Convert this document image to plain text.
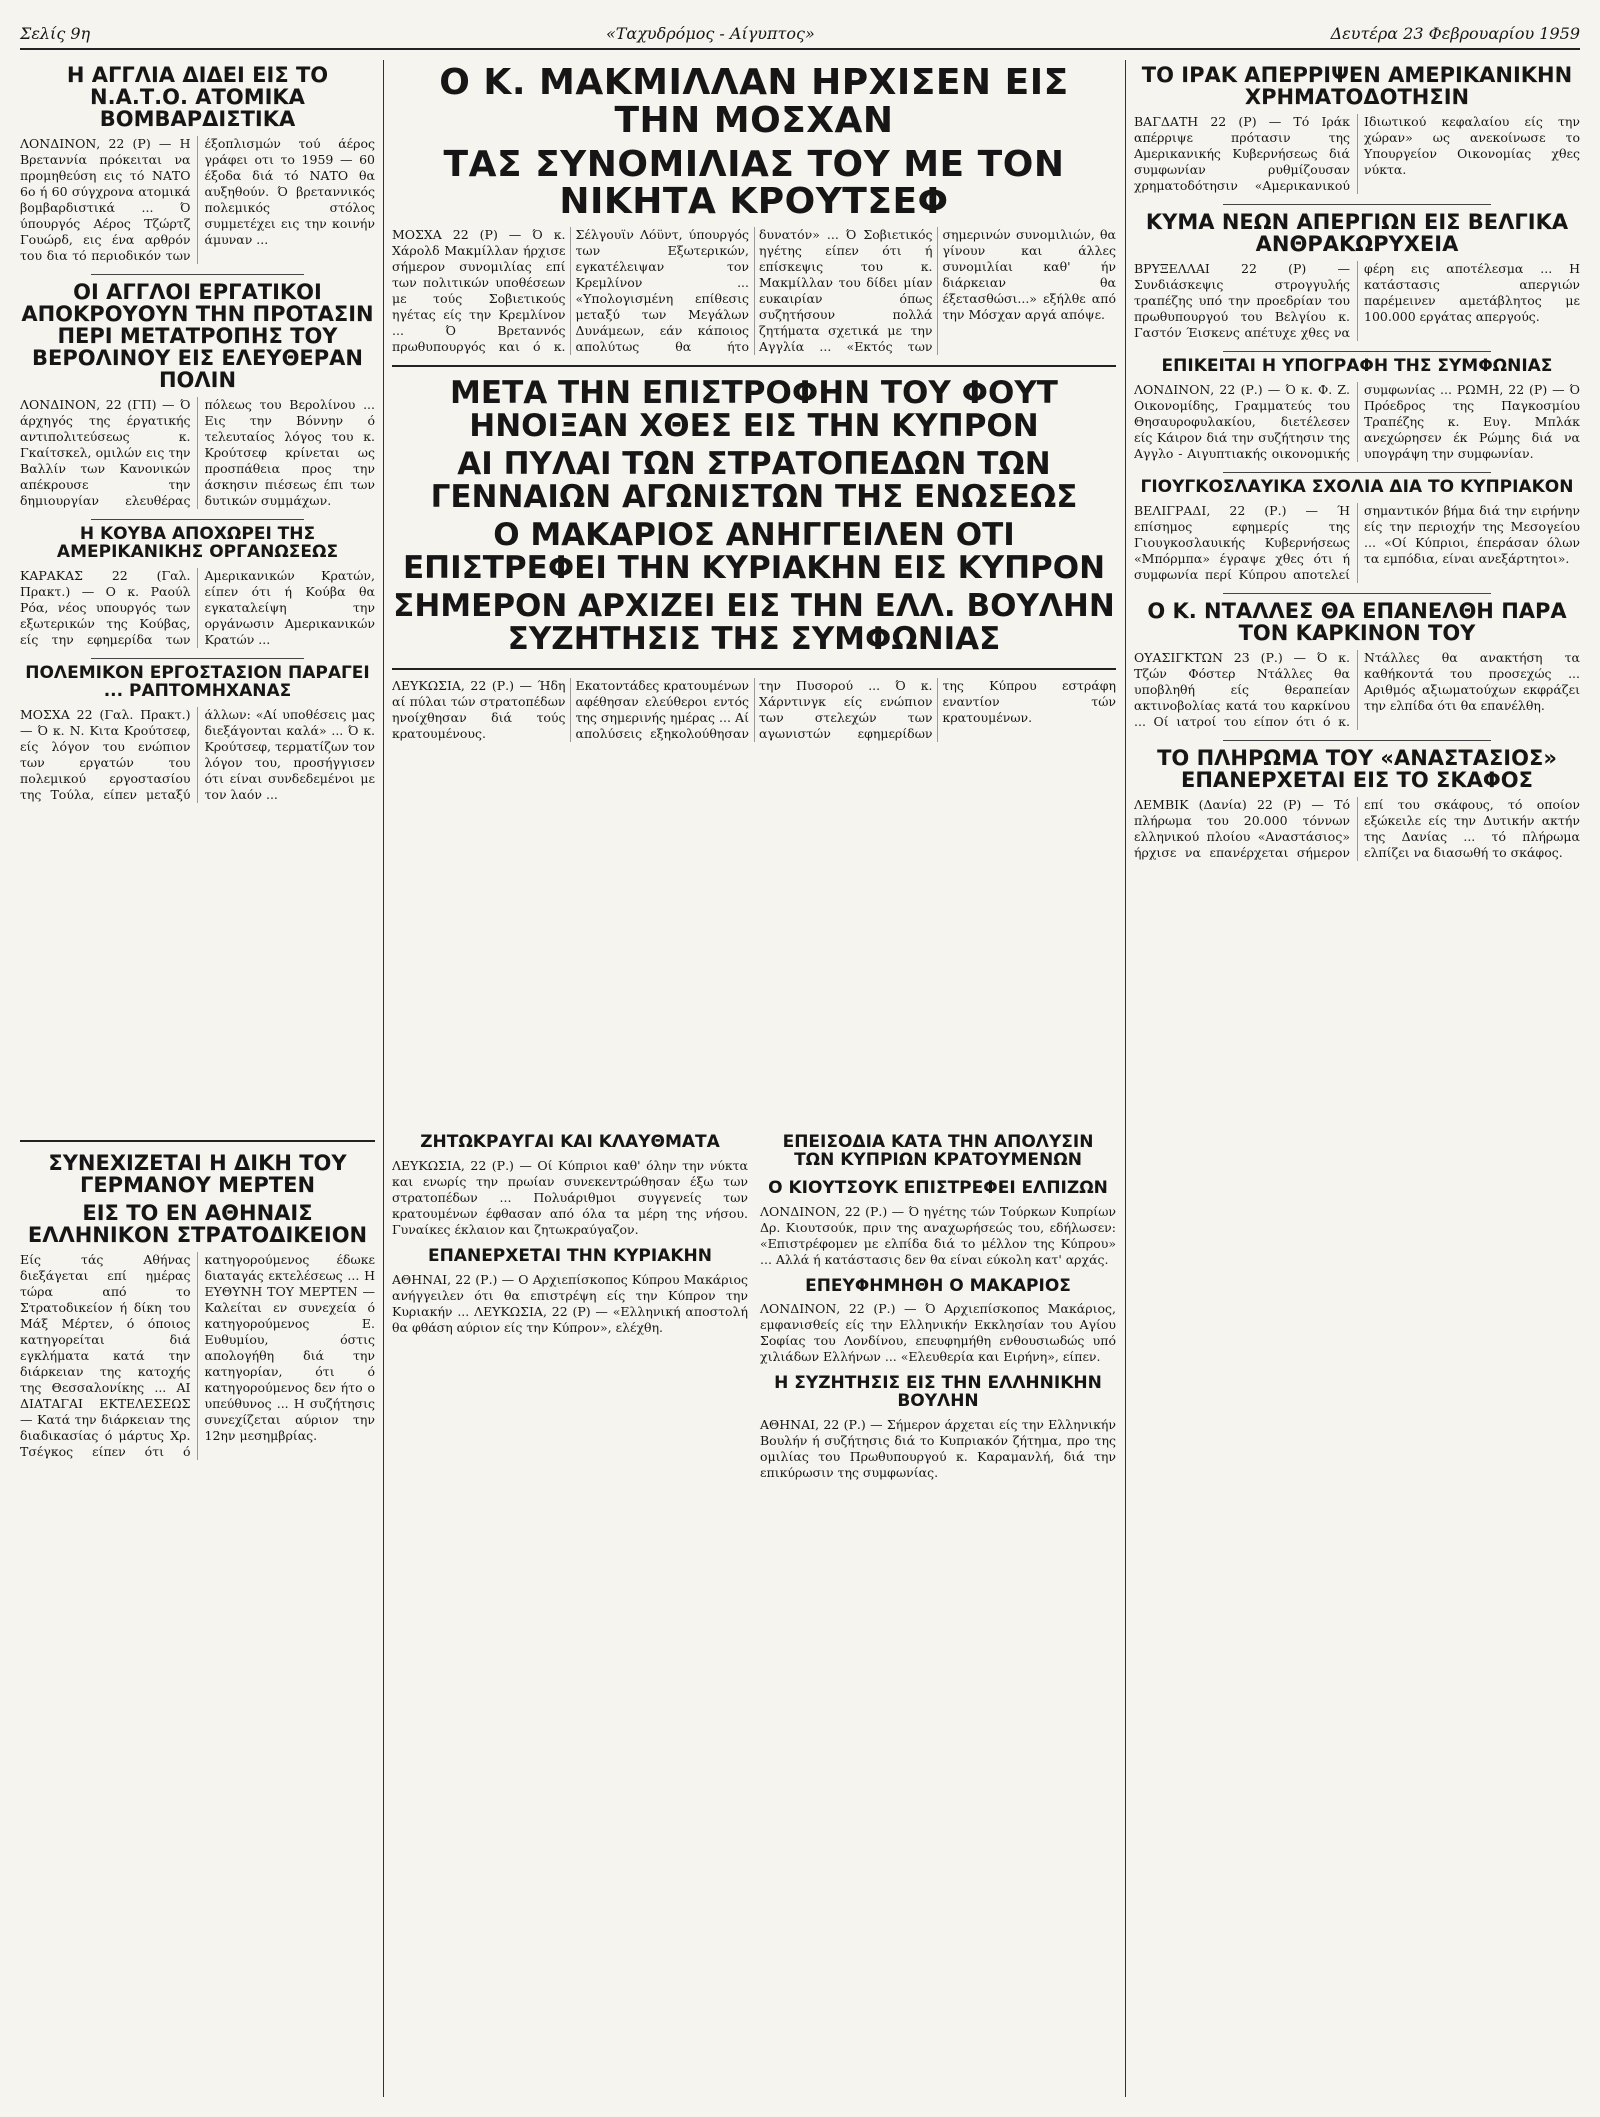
Σελίς 9η	«Ταχυδρόμος - Αίγυπτος»	Δευτέρα 23 Φεβρουαρίου 1959
Η ΑΓΓΛΙΑ ΔΙΔΕΙ ΕΙΣ ΤΟ Ν.Α.Τ.Ο. ΑΤΟΜΙΚΑ ΒΟΜΒΑΡΔΙΣΤΙΚΑ

ΛΟΝΔΙΝΟΝ, 22 (Ρ) — Η Βρεταννία πρόκειται να προμηθεύση εις τό ΝΑΤΟ 6ο ή 60 σύγχρονα ατομικά βομβαρδιστικά ... Ό ύπουργός Αέρος Τζώρτζ Γουώρδ, εις ένα αρθρόν του δια τό περιοδικόν των έξοπλισμών τού άέρος γράφει οτι το 1959 — 60 έξοδα διά τό ΝΑΤΟ θα αυξηθούν. Ό βρεταννικός πολεμικός στόλος συμμετέχει εις την κοινήν άμυναν ...

ΟΙ ΑΓΓΛΟΙ ΕΡΓΑΤΙΚΟΙ ΑΠΟΚΡΟΥΟΥΝ ΤΗΝ ΠΡΟΤΑΣΙΝ ΠΕΡΙ ΜΕΤΑΤΡΟΠΗΣ ΤΟΥ ΒΕΡΟΛΙΝΟΥ ΕΙΣ ΕΛΕΥΘΕΡΑΝ ΠΟΛΙΝ

ΛΟΝΔΙΝΟΝ, 22 (ΓΠ) — Ό άρχηγός της έργατικής αντιπολιτεύσεως κ. Γκαίτσκελ, ομιλών εις την Βαλλίν των Κανονικών απέκρουσε την δημιουργίαν ελευθέρας πόλεως του Βερολίνου ... Εις την Βόννην ό τελευταίος λόγος του κ. Κρούτσεφ κρίνεται ως προσπάθεια προς την άσκησιν πιέσεως έπι των δυτικών συμμάχων.

Η ΚΟΥΒΑ ΑΠΟΧΩΡΕΙ ΤΗΣ ΑΜΕΡΙΚΑΝΙΚΗΣ ΟΡΓΑΝΩΣΕΩΣ

ΚΑΡΑΚΑΣ 22 (Γαλ. Πρακτ.) — Ο κ. Ραούλ Ρόα, νέος υπουργός των εξωτερικών της Κούβας, είς την εφημερίδα των Αμερικανικών Κρατών, είπεν ότι ή Κούβα θα εγκαταλείψη την οργάνωσιν Αμερικανικών Κρατών ...

ΠΟΛΕΜΙΚΟΝ ΕΡΓΟΣΤΑΣΙΟΝ ΠΑΡΑΓΕΙ ... ΡΑΠΤΟΜΗΧΑΝΑΣ

ΜΟΣΧΑ 22 (Γαλ. Πρακτ.) — Ό κ. Ν. Κιτα Κρούτσεφ, είς λόγον του ενώπιον των εργατών του πολεμικού εργοστασίου της Τούλα, είπεν μεταξύ άλλων: «Αί υποθέσεις μας διεξάγονται καλά» ... Ό κ. Κρούτσεφ, τερματίζων τον λόγον του, προσήγγισεν ότι είναι συνδεδεμένοι με τον λαόν ...

Ο Κ. ΜΑΚΜΙΛΛΑΝ ΗΡΧΙΣΕΝ ΕΙΣ ΤΗΝ ΜΟΣΧΑΝ
ΤΑΣ ΣΥΝΟΜΙΛΙΑΣ ΤΟΥ ΜΕ ΤΟΝ ΝΙΚΗΤΑ ΚΡΟΥΤΣΕΦ

ΜΟΣΧΑ 22 (Ρ) — Ό κ. Χάρολδ Μακμίλλαν ήρχισε σήμερον συνομιλίας επί των πολιτικών υποθέσεων με τούς Σοβιετικούς ηγέτας είς την Κρεμλίνον ... Ό Βρεταννός πρωθυπουργός και ό κ. Σέλγουϊν Λόϋντ, ύπουργός των Εξωτερικών, εγκατέλειψαν τον Κρεμλίνον ... «Υπολογισμένη επίθεσις μεταξύ των Μεγάλων Δυνάμεων, εάν κάποιος απολύτως θα ήτο δυνατόν» ... Ό Σοβιετικός ηγέτης είπεν ότι ή επίσκεψις του κ. Μακμίλλαν του δίδει μίαν ευκαιρίαν όπως συζητήσουν πολλά ζητήματα σχετικά με την Αγγλία ... «Εκτός των σημερινών συνομιλιών, θα γίνουν και άλλες συνομιλίαι καθ' ήν διάρκειαν θα έξετασθώσι...» εξήλθε από την Μόσχαν αργά απόψε.

ΜΕΤΑ ΤΗΝ ΕΠΙΣΤΡΟΦΗΝ ΤΟΥ ΦΟΥΤ ΗΝΟΙΞΑΝ ΧΘΕΣ ΕΙΣ ΤΗΝ ΚΥΠΡΟΝ
ΑΙ ΠΥΛΑΙ ΤΩΝ ΣΤΡΑΤΟΠΕΔΩΝ ΤΩΝ ΓΕΝΝΑΙΩΝ ΑΓΩΝΙΣΤΩΝ ΤΗΣ ΕΝΩΣΕΩΣ
Ο ΜΑΚΑΡΙΟΣ ΑΝΗΓΓΕΙΛΕΝ ΟΤΙ ΕΠΙΣΤΡΕΦΕΙ ΤΗΝ ΚΥΡΙΑΚΗΝ ΕΙΣ ΚΥΠΡΟΝ
ΣΗΜΕΡΟΝ ΑΡΧΙΖΕΙ ΕΙΣ ΤΗΝ ΕΛΛ. ΒΟΥΛΗΝ ΣΥΖΗΤΗΣΙΣ ΤΗΣ ΣΥΜΦΩΝΙΑΣ

ΛΕΥΚΩΣΙΑ, 22 (Ρ.) — Ήδη αί πύλαι τών στρατοπέδων ηνοίχθησαν διά τούς κρατουμένους. Εκατοντάδες κρατουμένων αφέθησαν ελεύθεροι εντός της σημερινής ημέρας ... Αί απολύσεις εξηκολούθησαν την Πυσορού ... Ό κ. Χάρντινγκ είς ενώπιον των στελεχών των αγωνιστών εφημερίδων της Κύπρου εστράφη εναντίον τών κρατουμένων.

ΖΗΤΩΚΡΑΥΓΑΙ ΚΑΙ ΚΛΑΥΘΜΑΤΑ

ΛΕΥΚΩΣΙΑ, 22 (Ρ.) — Οί Κύπριοι καθ' όλην την νύκτα και ενωρίς την πρωίαν συνεκεντρώθησαν έξω των στρατοπέδων ... Πολυάριθμοι συγγενείς των κρατουμένων έφθασαν από όλα τα μέρη της νήσου. Γυναίκες έκλαιον και ζητωκραύγαζον.

ΕΠΑΝΕΡΧΕΤΑΙ ΤΗΝ ΚΥΡΙΑΚΗΝ

ΑΘΗΝΑΙ, 22 (Ρ.) — Ο Αρχιεπίσκοπος Κύπρου Μακάριος ανήγγειλεν ότι θα επιστρέψη είς την Κύπρον την Κυριακήν ... ΛΕΥΚΩΣΙΑ, 22 (Ρ) — «Ελληνική αποστολή θα φθάση αύριον είς την Κύπρον», ελέχθη.

ΕΠΕΙΣΟΔΙΑ ΚΑΤΑ ΤΗΝ ΑΠΟΛΥΣΙΝ ΤΩΝ ΚΥΠΡΙΩΝ ΚΡΑΤΟΥΜΕΝΩΝ
Ο ΚΙΟΥΤΣΟΥΚ ΕΠΙΣΤΡΕΦΕΙ ΕΛΠΙΖΩΝ

ΛΟΝΔΙΝΟΝ, 22 (Ρ.) — Ό ηγέτης τών Τούρκων Κυπρίων Δρ. Κιουτσούκ, πριν της αναχωρήσεώς του, εδήλωσεν: «Επιστρέφομεν με ελπίδα διά το μέλλον της Κύπρου» ... Αλλά ή κατάστασις δεν θα είναι εύκολη κατ' αρχάς.

ΕΠΕΥΦΗΜΗΘΗ Ο ΜΑΚΑΡΙΟΣ

ΛΟΝΔΙΝΟΝ, 22 (Ρ.) — Ό Αρχιεπίσκοπος Μακάριος, εμφανισθείς είς την Ελληνικήν Εκκλησίαν του Αγίου Σοφίας του Λονδίνου, επευφημήθη ενθουσιωδώς υπό χιλιάδων Ελλήνων ... «Ελευθερία και Ειρήνη», είπεν.

Η ΣΥΖΗΤΗΣΙΣ ΕΙΣ ΤΗΝ ΕΛΛΗΝΙΚΗΝ ΒΟΥΛΗΝ

ΑΘΗΝΑΙ, 22 (Ρ.) — Σήμερον άρχεται είς την Ελληνικήν Βουλήν ή συζήτησις διά το Κυπριακόν ζήτημα, προ της ομιλίας του Πρωθυπουργού κ. Καραμανλή, διά την επικύρωσιν της συμφωνίας.

ΤΟ ΙΡΑΚ ΑΠΕΡΡΙΨΕΝ ΑΜΕΡΙΚΑΝΙΚΗΝ ΧΡΗΜΑΤΟΔΟΤΗΣΙΝ

ΒΑΓΔΑΤΗ 22 (Ρ) — Τό Ιράκ απέρριψε πρότασιν της Αμερικανικής Κυβερνήσεως διά συμφωνίαν ρυθμίζουσαν χρηματοδότησιν «Αμερικανικού Ιδιωτικού κεφαλαίου είς την χώραν» ως ανεκοίνωσε το Υπουργείον Οικονομίας χθες νύκτα.

ΚΥΜΑ ΝΕΩΝ ΑΠΕΡΓΙΩΝ ΕΙΣ ΒΕΛΓΙΚΑ ΑΝΘΡΑΚΩΡΥΧΕΙΑ

ΒΡΥΞΕΛΛΑΙ 22 (Ρ) — Συνδιάσκεψις στρογγυλής τραπέζης υπό την προεδρίαν του πρωθυπουργού του Βελγίου κ. Γαστόν Έισκενς απέτυχε χθες να φέρη εις αποτέλεσμα ... Η κατάστασις απεργιών παρέμεινεν αμετάβλητος με 100.000 εργάτας απεργούς.

ΕΠΙΚΕΙΤΑΙ Η ΥΠΟΓΡΑΦΗ ΤΗΣ ΣΥΜΦΩΝΙΑΣ

ΛΟΝΔΙΝΟΝ, 22 (Ρ.) — Ό κ. Φ. Ζ. Οικονομίδης, Γραμματεύς του Θησαυροφυλακίου, διετέλεσεν είς Κάιρον διά την συζήτησιν της Αγγλο - Αιγυπτιακής οικονομικής συμφωνίας ... ΡΩΜΗ, 22 (Ρ) — Ό Πρόεδρος της Παγκοσμίου Τραπέζης κ. Ευγ. Μπλάκ ανεχώρησεν έκ Ρώμης διά να υπογράψη την συμφωνίαν.

ΓΙΟΥΓΚΟΣΛΑΥΙΚΑ ΣΧΟΛΙΑ ΔΙΑ ΤΟ ΚΥΠΡΙΑΚΟΝ

ΒΕΛΙΓΡΑΔΙ, 22 (Ρ.) — Ή επίσημος εφημερίς της Γιουγκοσλαυικής Κυβερνήσεως «Μπόρμπα» έγραψε χθες ότι ή συμφωνία περί Κύπρου αποτελεί σημαντικόν βήμα διά την ειρήνην είς την περιοχήν της Μεσογείου ... «Οί Κύπριοι, έπεράσαν όλων τα εμπόδια, είναι ανεξάρτητοι».

Ο Κ. ΝΤΑΛΛΕΣ ΘΑ ΕΠΑΝΕΛΘΗ ΠΑΡΑ ΤΟΝ ΚΑΡΚΙΝΟΝ ΤΟΥ

ΟΥΑΣΙΓΚΤΩΝ 23 (Ρ.) — Ό κ. Τζών Φόστερ Ντάλλες θα υποβληθή είς θεραπείαν ακτινοβολίας κατά του καρκίνου ... Οί ιατροί του είπον ότι ό κ. Ντάλλες θα ανακτήση τα καθήκοντά του προσεχώς ... Αριθμός αξιωματούχων εκφράζει την ελπίδα ότι θα επανέλθη.

ΤΟ ΠΛΗΡΩΜΑ ΤΟΥ «ΑΝΑΣΤΑΣΙΟΣ» ΕΠΑΝΕΡΧΕΤΑΙ ΕΙΣ ΤΟ ΣΚΑΦΟΣ

ΛΕΜΒΙΚ (Δανία) 22 (Ρ) — Τό πλήρωμα του 20.000 τόννων ελληνικού πλοίου «Αναστάσιος» ήρχισε να επανέρχεται σήμερον επί του σκάφους, τό οποίον εξώκειλε είς την Δυτικήν ακτήν της Δανίας ... τό πλήρωμα ελπίζει να διασωθή το σκάφος.

ΣΥΝΕΧΙΖΕΤΑΙ Η ΔΙΚΗ ΤΟΥ ΓΕΡΜΑΝΟΥ ΜΕΡΤΕΝ
ΕΙΣ ΤΟ ΕΝ ΑΘΗΝΑΙΣ ΕΛΛΗΝΙΚΟΝ ΣΤΡΑΤΟΔΙΚΕΙΟΝ

Είς τάς Αθήνας διεξάγεται επί ημέρας τώρα από το Στρατοδικείον ή δίκη του Μάξ Μέρτεν, ό όποιος κατηγορείται διά εγκλήματα κατά την διάρκειαν της κατοχής της Θεσσαλονίκης ... ΑΙ ΔΙΑΤΑΓΑΙ ΕΚΤΕΛΕΣΕΩΣ — Κατά την διάρκειαν της διαδικασίας ό μάρτυς Χρ. Τσέγκος είπεν ότι ό κατηγορούμενος έδωκε διαταγάς εκτελέσεως ... Η ΕΥΘΥΝΗ ΤΟΥ ΜΕΡΤΕΝ — Καλείται εν συνεχεία ό κατηγορούμενος Ε. Ευθυμίου, όστις απολογήθη διά την κατηγορίαν, ότι ό κατηγορούμενος δεν ήτο ο υπεύθυνος ... Η συζήτησις συνεχίζεται αύριον την 12ην μεσημβρίας.
